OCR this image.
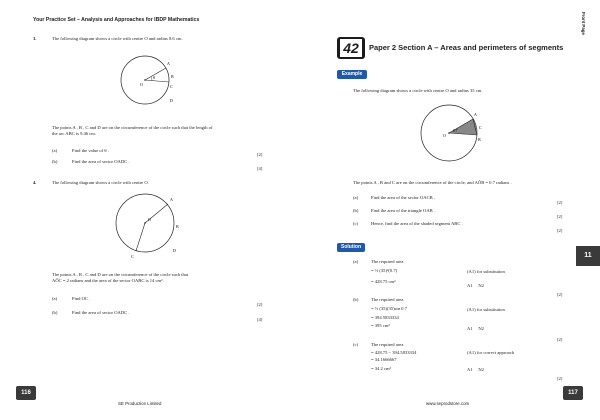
Your Practice Set – Analysis and Approaches for IBDP Mathematics
3.	The following diagram shows a circle with centre O and radius 8.6 cm.
θ
A
B
C
D
O
The points A , B , C and D are on the circumference of the circle such that the length of
the arc ABC is 9.46 cm.
(a)	Find the value of θ .
[2]
(b)	Find the area of sector OADC .
[4]
4.	The following diagram shows a circle with centre O.
A
B
C
D
O
The points A , B , C and D are on the circumference of the circle such that
AÔC = 2 radians and the area of the sector OABC is 14 cm².
(a)	Find OC .
[2]
(b)	Find the area of sector OADC .
[4]
116
SE Production Limited
Front Page
42	Paper 2 Section A – Areas and perimeters of segments
Example
The following diagram shows a circle with centre O and radius 35 cm.
0.7
A
C
B
O
The points A , B and C are on the circumference of the circle, and AÔB = 0.7 radians .
(a)	Find the area of the sector OACB .
[2]
(b)	Find the area of the triangle OAB .
[2]
(c)	Hence, find the area of the shaded segment ABC .
[2]
Solution
(a)	The required area
= ½ (35)²(0.7)
= 428.75 cm²
(A1) for substitution
A1     N2
[2]
(b)	The required area
= ½ (35)(35)sin 0.7
= 394.5833334
= 395 cm²
(A1) for substitution
A1     N2
[2]
(c)	The required area
= 428.75 − 394.5833334
= 34.1666667
= 34.2 cm²
(A1) for correct approach
A1     N2
[2]
11
www.seprodstore.com
117
